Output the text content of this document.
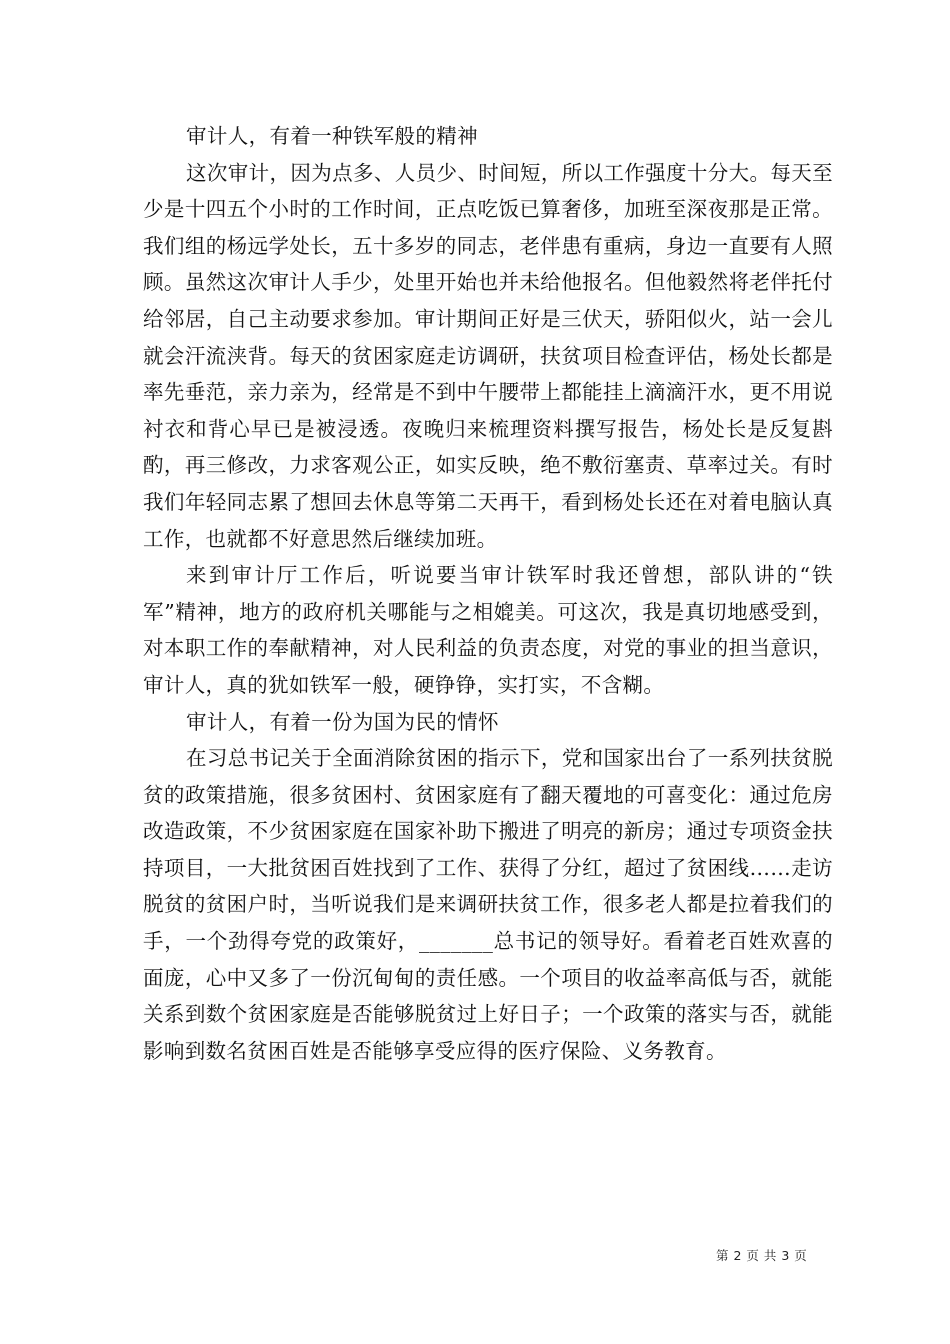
审计人，有着一种铁军般的精神

这次审计，因为点多、人员少、时间短，所以工作强度十分大。每天至少是十四五个小时的工作时间，正点吃饭已算奢侈，加班至深夜那是正常。我们组的杨远学处长，五十多岁的同志，老伴患有重病，身边一直要有人照顾。虽然这次审计人手少，处里开始也并未给他报名。但他毅然将老伴托付给邻居，自己主动要求参加。审计期间正好是三伏天，骄阳似火，站一会儿就会汗流浃背。每天的贫困家庭走访调研，扶贫项目检查评估，杨处长都是率先垂范，亲力亲为，经常是不到中午腰带上都能挂上滴滴汗水，更不用说衬衣和背心早已是被浸透。夜晚归来梳理资料撰写报告，杨处长是反复斟酌，再三修改，力求客观公正，如实反映，绝不敷衍塞责、草率过关。有时我们年轻同志累了想回去休息等第二天再干，看到杨处长还在对着电脑认真工作，也就都不好意思然后继续加班。

来到审计厅工作后，听说要当审计铁军时我还曾想，部队讲的“铁军”精神，地方的政府机关哪能与之相媲美。可这次，我是真切地感受到，对本职工作的奉献精神，对人民利益的负责态度，对党的事业的担当意识，审计人，真的犹如铁军一般，硬铮铮，实打实，不含糊。

审计人，有着一份为国为民的情怀

在习总书记关于全面消除贫困的指示下，党和国家出台了一系列扶贫脱贫的政策措施，很多贫困村、贫困家庭有了翻天覆地的可喜变化：通过危房改造政策，不少贫困家庭在国家补助下搬进了明亮的新房；通过专项资金扶持项目，一大批贫困百姓找到了工作、获得了分红，超过了贫困线……走访脱贫的贫困户时，当听说我们是来调研扶贫工作，很多老人都是拉着我们的手，一个劲得夸党的政策好，_______总书记的领导好。看着老百姓欢喜的面庞，心中又多了一份沉甸甸的责任感。一个项目的收益率高低与否，就能关系到数个贫困家庭是否能够脱贫过上好日子；一个政策的落实与否，就能影响到数名贫困百姓是否能够享受应得的医疗保险、义务教育。

第 2 页 共 3 页
